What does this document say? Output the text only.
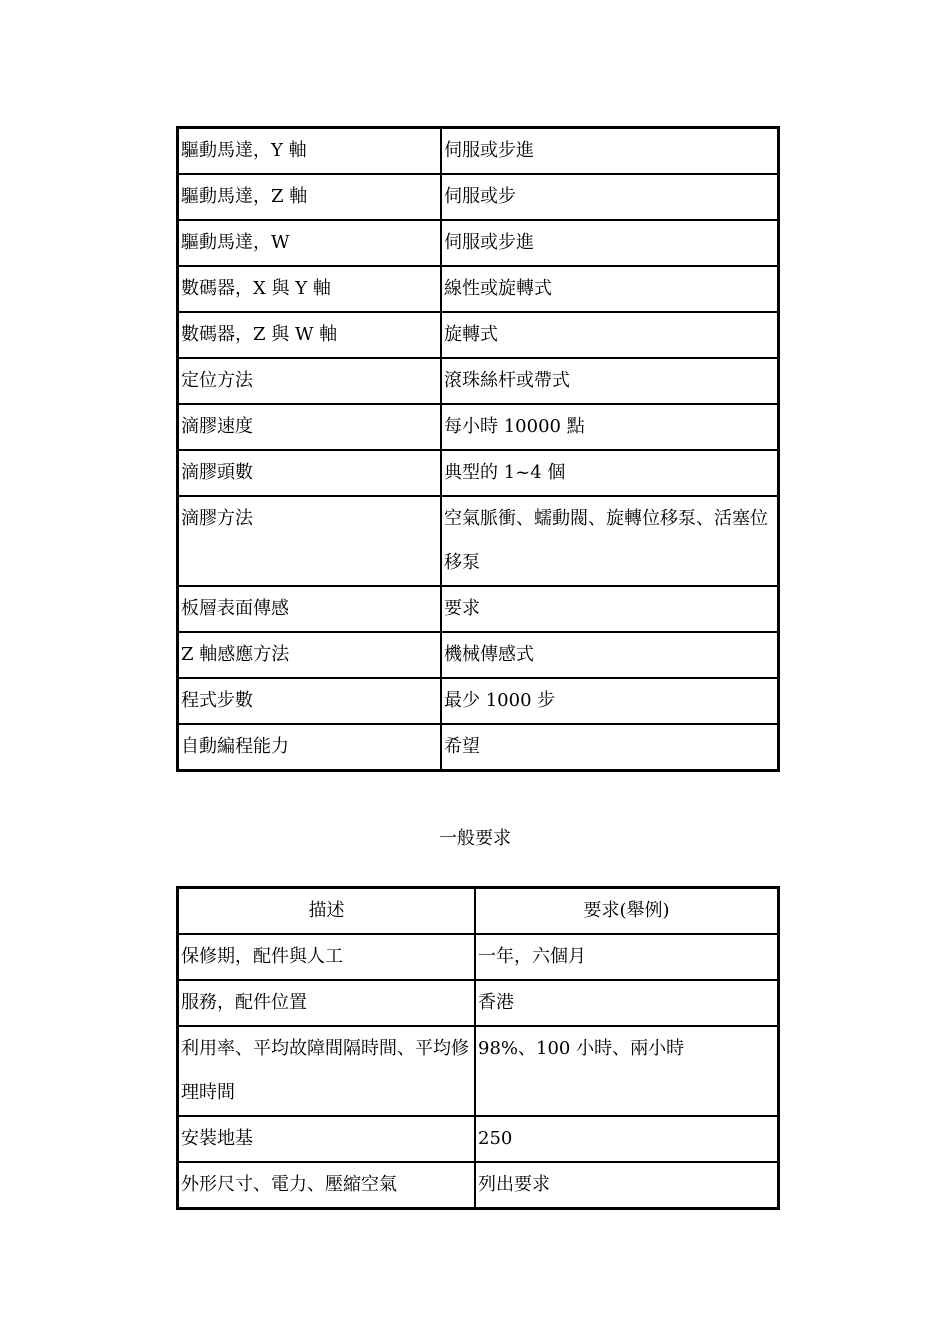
驅動馬達，Y 軸	伺服或步進
驅動馬達，Z 軸	伺服或步
驅動馬達，W	伺服或步進
數碼器，X 與 Y 軸	線性或旋轉式
數碼器，Z 與 W 軸	旋轉式
定位方法	滾珠絲杆或帶式
滴膠速度	每小時 10000 點
滴膠頭數	典型的 1~4 個
滴膠方法	空氣脈衝、蠕動閥、旋轉位移泵、活塞位移泵
板層表面傳感	要求
Z 軸感應方法	機械傳感式
程式步數	最少 1000 步
自動編程能力	希望
一般要求
描述	要求(舉例)
保修期，配件與人工	一年，六個月
服務，配件位置	香港
利用率、平均故障間隔時間、平均修理時間	98%、100 小時、兩小時
安裝地基	250
外形尺寸、電力、壓縮空氣	列出要求
